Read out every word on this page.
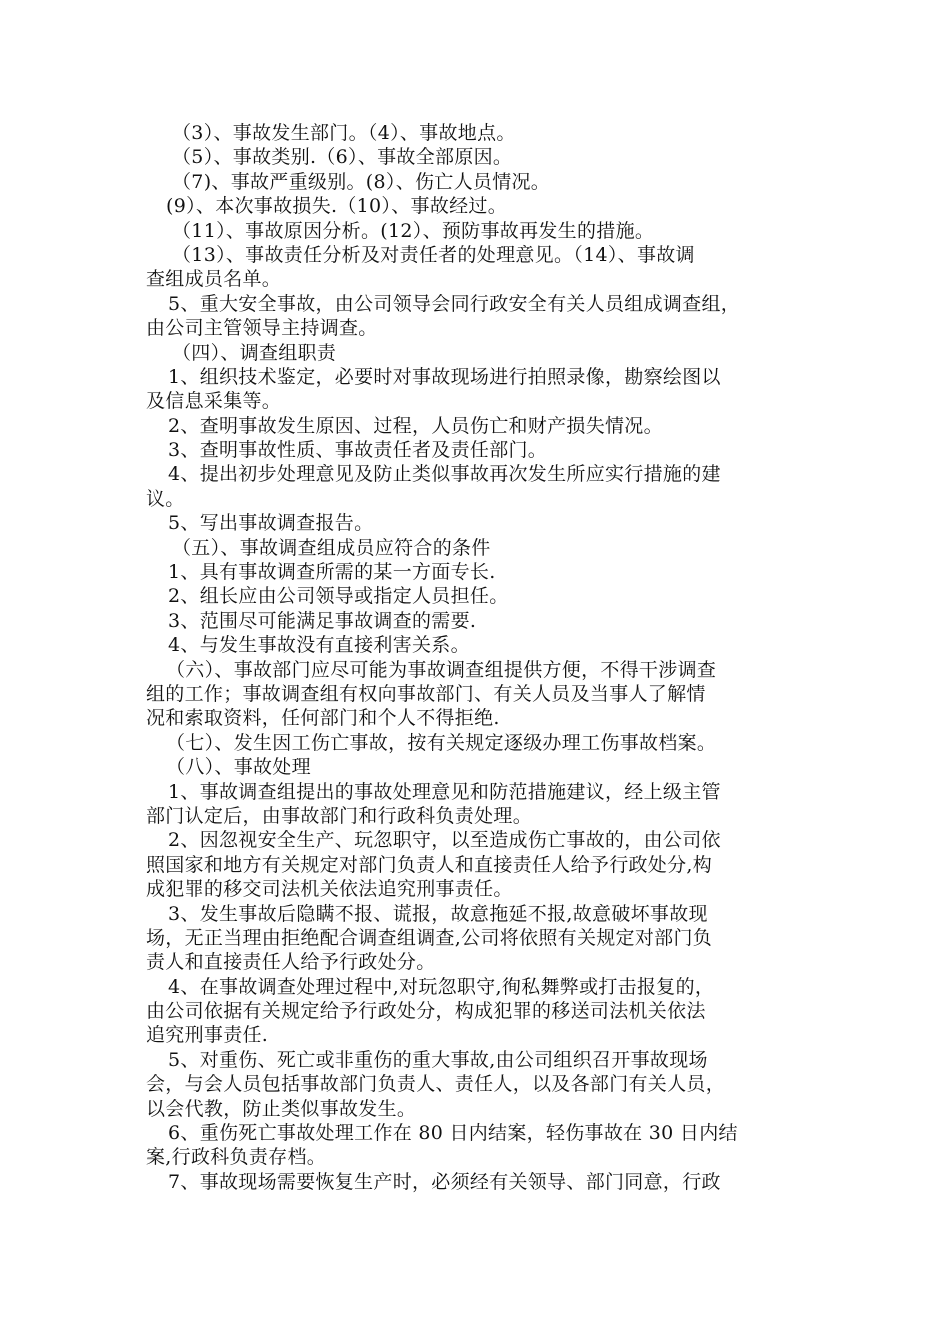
（3）、事故发生部门。（4）、事故地点。
（5）、事故类别.（6）、事故全部原因。
（7)、事故严重级别。(8）、伤亡人员情况。
(9）、本次事故损失.（10）、事故经过。
（11）、事故原因分析。(12）、预防事故再发生的措施。
（13）、事故责任分析及对责任者的处理意见。（14）、事故调
查组成员名单。
5、重大安全事故，由公司领导会同行政安全有关人员组成调查组，
由公司主管领导主持调查。
（四）、调查组职责
1、组织技术鉴定，必要时对事故现场进行拍照录像，勘察绘图以
及信息采集等。
2、查明事故发生原因、过程，人员伤亡和财产损失情况。
3、查明事故性质、事故责任者及责任部门。
4、提出初步处理意见及防止类似事故再次发生所应实行措施的建
议。
5、写出事故调查报告。
（五）、事故调查组成员应符合的条件
1、具有事故调查所需的某一方面专长.
2、组长应由公司领导或指定人员担任。
3、范围尽可能满足事故调查的需要.
4、与发生事故没有直接利害关系。
（六）、事故部门应尽可能为事故调查组提供方便，不得干涉调查
组的工作；事故调查组有权向事故部门、有关人员及当事人了解情
况和索取资料，任何部门和个人不得拒绝.
（七）、发生因工伤亡事故，按有关规定逐级办理工伤事故档案。
（八）、事故处理
1、事故调查组提出的事故处理意见和防范措施建议，经上级主管
部门认定后，由事故部门和行政科负责处理。
2、因忽视安全生产、玩忽职守，以至造成伤亡事故的，由公司依
照国家和地方有关规定对部门负责人和直接责任人给予行政处分,构
成犯罪的移交司法机关依法追究刑事责任。
3、发生事故后隐瞒不报、谎报，故意拖延不报,故意破坏事故现
场，无正当理由拒绝配合调查组调查,公司将依照有关规定对部门负
责人和直接责任人给予行政处分。
4、在事故调查处理过程中,对玩忽职守,徇私舞弊或打击报复的，
由公司依据有关规定给予行政处分，构成犯罪的移送司法机关依法
追究刑事责任.
5、对重伤、死亡或非重伤的重大事故,由公司组织召开事故现场
会，与会人员包括事故部门负责人、责任人，以及各部门有关人员，
以会代教，防止类似事故发生。
6、重伤死亡事故处理工作在 80 日内结案，轻伤事故在 30 日内结
案,行政科负责存档。
7、事故现场需要恢复生产时，必须经有关领导、部门同意，行政
